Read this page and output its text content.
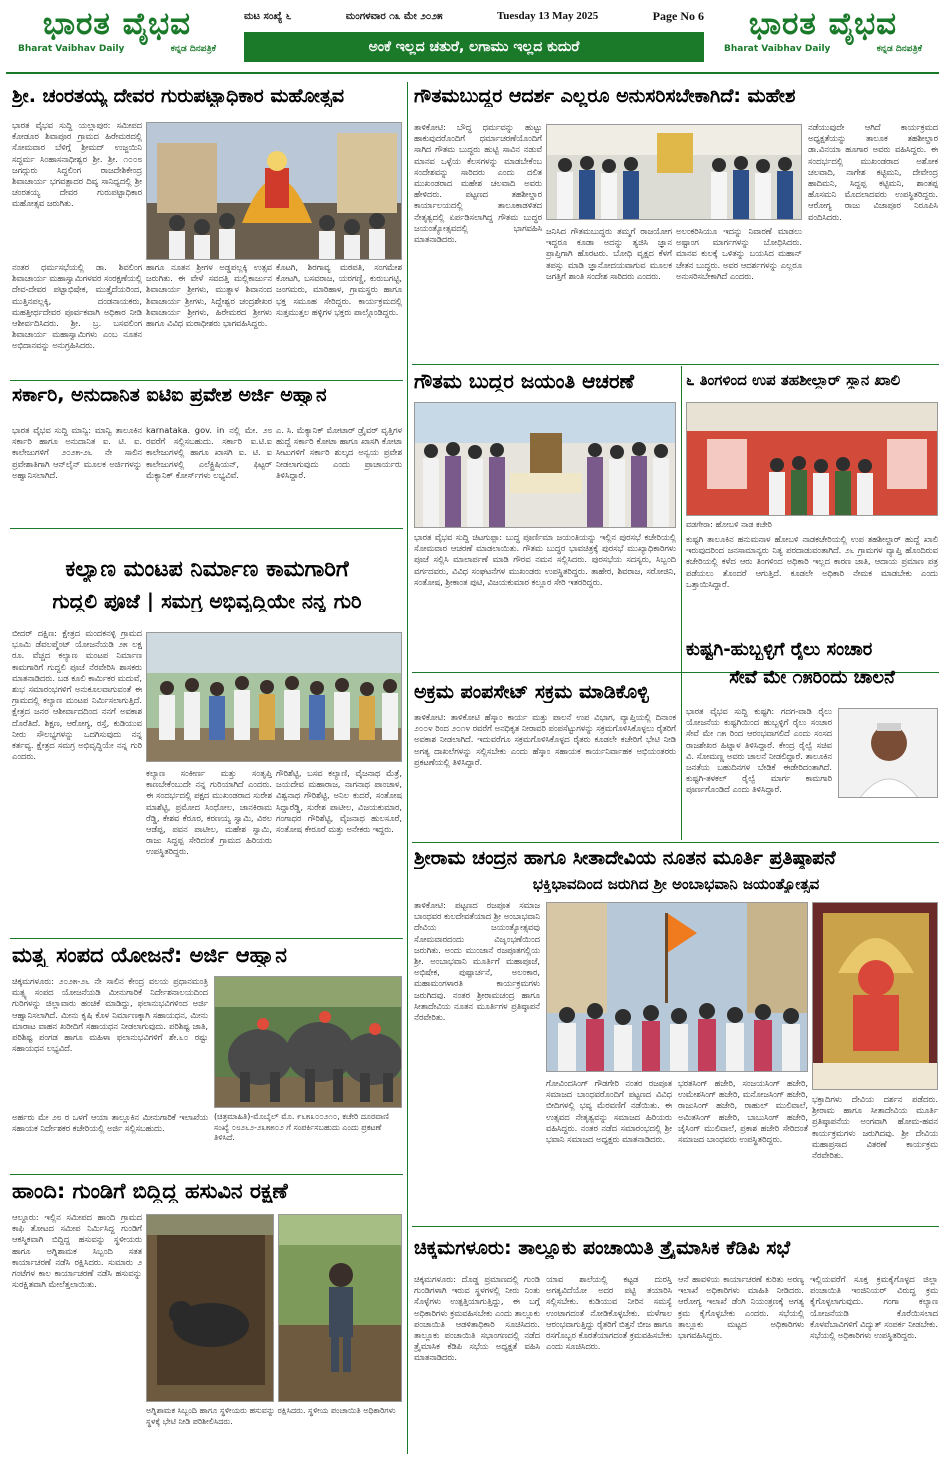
ಭಾರತ ವೈಭವ
Bharat Vaibhav Daily	ಕನ್ನಡ ದಿನಪತ್ರಿಕೆ
ಮಟ ಸಂಖ್ಯೆ ೬	ಮಂಗಳವಾರ ೧೩ ಮೇ ೨೦೨೫	Tuesday 13 May 2025	Page No 6
ಅಂಕೆ ಇಲ್ಲದ ಚತುರೆ, ಲಗಾಮು ಇಲ್ಲದ ಕುದುರೆ
ಭಾರತ ವೈಭವ
Bharat Vaibhav Daily	ಕನ್ನಡ ದಿನಪತ್ರಿಕೆ
ಶ್ರೀ. ಚಂರತಯ್ಯ ದೇವರ ಗುರುಪಟ್ಟಾಧಿಕಾರ ಮಹೋತ್ಸವ
ಭಾರತ ವೈಭವ ಸುದ್ದಿ ಯಲ್ಲಾಪುರ: ಸಮೀಪದ ಕೋಡೂರ ಶಿವಾಪೂರ ಗ್ರಾಮದ ಹಿರೇಮಠದಲ್ಲಿ ಸೋಮವಾರ ಬೆಳಿಗ್ಗೆ ಶ್ರೀಮದ್ ಉಜ್ಜಯಿನಿ ಸದ್ಧರ್ಮ ಸಿಂಹಾಸನಾಧೀಶ್ವರ ಶ್ರೀ. ಶ್ರೀ. ೧೦೦೮ ಜಗದ್ಗುರು ಸಿದ್ದಲಿಂಗ ರಾಜದೇಶಿಕೇಂದ್ರ ಶಿವಾಚಾರ್ಯ ಭಗವತ್ಪಾದರ ದಿವ್ಯ ಸಾನಿಧ್ಯದಲ್ಲಿ ಶ್ರೀ ಚಂರತಯ್ಯ ದೇವರ ಗುರುಪಟ್ಟಾಧಿಕಾರ ಮಹೋತ್ಸವ ಜರುಗಿತು.
ನಂತರ ಧರ್ಮಸಭೆಯಲ್ಲಿ ಡಾ. ಶಿವಲಿಂಗ ಶಿವಾಚಾರ್ಯ ಮಹಾಸ್ವಾಮಿಗಳವರ ಸಂರಕ್ಷಣೆಯಲ್ಲಿ ದೇವ-ದೇವರ ಪಟ್ಟಾಭಿಷೇಕ, ಮುತ್ತೈದೆಯರಿಂದ, ಮುತ್ತಿನಪಲ್ಲಕ್ಕಿ, ದಂಡನಾಯಕರು, ಮಹತ್ತೀರ್ಥದೇವರ ಪೂರ್ವಕವಾಗಿ ಅಧಿಕಾರ ನೀಡಿ ಆಶೀರ್ವದಿಸಿದರು. ಶ್ರೀ. ಬ್ರ. ಬಸವಲಿಂಗ ಶಿವಾಚಾರ್ಯ ಮಹಾಸ್ವಾಮಿಗಳು ಎಂಬ ನೂತನ ಅಭಿದಾನವನ್ನು ಅನುಗ್ರಹಿಸಿದರು.
ಹಾಗೂ ನೂತನ ಶ್ರೀಗಳ ಅಡ್ಡಪಲ್ಲಕ್ಕಿ ಉತ್ಸವ ಜರುಗಿತು. ಈ ವೇಳೆ ಸವದತ್ತಿ ಮಲ್ಲಿಕಾರ್ಜುನ ಶಿವಾಚಾರ್ಯ ಶ್ರೀಗಳು, ಮುತ್ನಾಳ ಶಿವಾನಂದ ಶಿವಾಚಾರ್ಯ ಶ್ರೀಗಳು, ಸಿದ್ದೇಶ್ವರ ಚಂದ್ರಶೇಖರ ಶಿವಾಚಾರ್ಯ ಶ್ರೀಗಳು, ಹಿರೇಮಠದ ಶ್ರೀಗಳು ಹಾಗೂ ವಿವಿಧ ಮಠಾಧೀಶರು ಭಾಗವಹಿಸಿದ್ದರು.
ಕೊಟಗಿ, ಶಿರಗಾವ್ಯ ಮಠಪತಿ, ಸಂಗಮೇಶ ಕೋಟಗಿ, ಬಸವರಾಜ, ಯರಗಣ್ಣಿ, ಕುರುಬಗಟ್ಟಿ, ಜಂಗಮರು, ಮಾರಿಹಾಳ, ಗ್ರಾಮಸ್ಥರು ಹಾಗೂ ಭಕ್ತ ಸಮೂಹ ಸೇರಿದ್ದರು. ಕಾರ್ಯಕ್ರಮದಲ್ಲಿ ಸುತ್ತಮುತ್ತಲ ಹಳ್ಳಿಗಳ ಭಕ್ತರು ಪಾಲ್ಗೊಂಡಿದ್ದರು.
ಸರ್ಕಾರಿ, ಅನುದಾನಿತ ಐಟಿಐ ಪ್ರವೇಶ ಅರ್ಜಿ ಅಹ್ವಾನ
ಭಾರತ ವೈಭವ ಸುದ್ದಿ ಮಾನ್ವಿ: ಮಾನ್ವಿ ತಾಲೂಕಿನ ಸರ್ಕಾರಿ ಹಾಗೂ ಅನುದಾನಿತ ಐ. ಟಿ. ಐ. ಕಾಲೇಜುಗಳಿಗೆ ೨೦೨೫-೨೬ ನೇ ಸಾಲಿನ ಪ್ರವೇಶಾತಿಗಾಗಿ ಆನ್‌ಲೈನ್ ಮೂಲಕ ಅರ್ಜಿಗಳನ್ನು ಅಹ್ವಾನಿಸಲಾಗಿದೆ.
karnataka. gov. in ನಲ್ಲಿ ಮೇ. ೨೮ ರವರೆಗೆ ಸಲ್ಲಿಸಬಹುದು. ಸರ್ಕಾರಿ ಐ.ಟಿ.ಐ ಕಾಲೇಜುಗಳಲ್ಲಿ ಹಾಗೂ ಖಾಸಗಿ ಐ. ಟಿ. ಐ ಕಾಲೇಜುಗಳಲ್ಲಿ ಎಲೆಕ್ಟ್ರಿಷಿಯನ್, ಫಿಟ್ಟರ್ ಮೆಕ್ಯಾನಿಕ್ ಕೋರ್ಸ್‌ಗಳು ಲಭ್ಯವಿವೆ.
ಎ. ಸಿ. ಮೆಕ್ಯಾನಿಕ್ ಮೋಟಾರ್ ಡ್ರೈವರ್ ವೃತ್ತಿಗಳ ಹುದ್ದೆ ಸರ್ಕಾರಿ ಕೋಟಾ ಹಾಗೂ ಖಾಸಗಿ ಕೋಟಾ ಸೀಟುಗಳಿಗೆ ಸರ್ಕಾರಿ ಶುಲ್ಕದ ಅನ್ವಯ ಪ್ರವೇಶ ನೀಡಲಾಗುವುದು ಎಂದು ಪ್ರಾಚಾರ್ಯರು ತಿಳಿಸಿದ್ದಾರೆ.
ಕಲ್ಯಾಣ ಮಂಟಪ ನಿರ್ಮಾಣ ಕಾಮಗಾರಿಗೆ
ಗುದ್ದಲಿ ಪೂಜೆ | ಸಮಗ್ರ ಅಭಿವೃದ್ಧಿಯೇ ನನ್ನ ಗುರಿ
ಬೀದರ್ ದಕ್ಷಿಣ: ಕ್ಷೇತ್ರದ ಮಂದಕನಳ್ಳಿ ಗ್ರಾಮದ ಭೂಮಿ ಡೆವಲಪ್ಮೆಂಟ್ ಯೋಜನೆಯಡಿ ೨೫ ಲಕ್ಷ ರೂ. ವೆಚ್ಚದ ಕಲ್ಯಾಣ ಮಂಟಪ ನಿರ್ಮಾಣ ಕಾಮಗಾರಿಗೆ ಗುದ್ದಲಿ ಪೂಜೆ ನೆರವೇರಿಸಿ ಶಾಸಕರು ಮಾತನಾಡಿದರು. ಬಡ ಕೂಲಿ ಕಾರ್ಮಿಕರ ಮದುವೆ, ಶುಭ ಸಮಾರಂಭಗಳಿಗೆ ಅನುಕೂಲವಾಗುವಂತೆ ಈ ಗ್ರಾಮದಲ್ಲಿ ಕಲ್ಯಾಣ ಮಂಟಪ ನಿರ್ಮಿಸಲಾಗುತ್ತಿದೆ. ಕ್ಷೇತ್ರದ ಜನರ ಆಶೀರ್ವಾದದಿಂದ ನನಗೆ ಅವಕಾಶ ದೊರೆತಿದೆ. ಶಿಕ್ಷಣ, ಆರೋಗ್ಯ, ರಸ್ತೆ, ಕುಡಿಯುವ ನೀರು ಸೌಲಭ್ಯಗಳನ್ನು ಒದಗಿಸುವುದು ನನ್ನ ಕರ್ತವ್ಯ. ಕ್ಷೇತ್ರದ ಸಮಗ್ರ ಅಭಿವೃದ್ಧಿಯೇ ನನ್ನ ಗುರಿ ಎಂದರು.
ಕಲ್ಯಾಣ ಸಂಕೀರ್ಣ ಮತ್ತು ಸಂತೃಪ್ತಿ ಕಾಣಬೇಕೆಂಬುದೇ ನನ್ನ ಗುರಿಯಾಗಿದೆ ಎಂದರು. ಈ ಸಂದರ್ಭದಲ್ಲಿ ಪಕ್ಷದ ಮುಖಂಡರಾದ ಸುರೇಶ ಮಾಶೆಟ್ಟಿ, ಪ್ರಮೋದ ಸಿಂಧೋಲ, ಜಾನಕಿರಾಮ ರೆಡ್ಡಿ, ಕೇಶವ ಕೆರೂರ, ಕರಣಯ್ಯ ಸ್ವಾಮಿ, ವಿಠಲ ಆಡೆಪ್ಪ, ಪವನ ಪಾಟೀಲ, ಮಹೇಶ ಸ್ವಾಮಿ, ರಾಜು ಸಿದ್ದಪ್ಪ ಸೇರಿದಂತೆ ಗ್ರಾಮದ ಹಿರಿಯರು ಉಪಸ್ಥಿತರಿದ್ದರು.
ಗೌರಿಶೆಟ್ಟಿ, ಬಸವ ಕಲ್ಯಾಣಿ, ವೈಜನಾಥ ಮೆತ್ರೆ, ಜಯದೇವ ಮಹಾರಾಜ, ನಾಗನಾಥ ಪಾಂಚಾಳ, ವಿಶ್ವನಾಥ ಗೌರಿಶೆಟ್ಟಿ, ಅನಿಲ ಕುದರೆ, ಸಂತೋಷ ಸಿದ್ದಾರೆಡ್ಡಿ, ಸುರೇಶ ಪಾಟೀಲ, ವಿಜಯಕುಮಾರ, ಗಂಗಾಧರ ಗೌರಿಶೆಟ್ಟಿ, ವೈಜನಾಥ ಹುಲಸೂರೆ, ಸಂತೋಷ ಕೇರೂರೆ ಮತ್ತು ಅನೇಕರು ಇದ್ದರು.
ಮತ್ಸ್ಯ ಸಂಪದ ಯೋಜನೆ: ಅರ್ಜಿ ಆಹ್ವಾನ
ಚಿಕ್ಕಮಗಳೂರು: ೨೦೨೫-೨೬ ನೇ ಸಾಲಿನ ಕೇಂದ್ರ ವಲಯ ಪ್ರಧಾನಮಂತ್ರಿ ಮತ್ಸ್ಯ ಸಂಪದ ಯೋಜನೆಯಡಿ ಮೀನುಗಾರಿಕೆ ನಿರ್ದೇಶನಾಲಯದಿಂದ ಗುರಿಗಳನ್ನು ಜಿಲ್ಲಾವಾರು ಹಂಚಿಕೆ ಮಾಡಿದ್ದು, ಫಲಾನುಭವಿಗಳಿಂದ ಅರ್ಜಿ ಆಹ್ವಾನಿಸಲಾಗಿದೆ. ಮೀನು ಕೃಷಿ ಕೊಳ ನಿರ್ಮಾಣಕ್ಕಾಗಿ ಸಹಾಯಧನ, ಮೀನು ಮಾರಾಟ ವಾಹನ ಖರೀದಿಗೆ ಸಹಾಯಧನ ನೀಡಲಾಗುವುದು. ಪರಿಶಿಷ್ಟ ಜಾತಿ, ಪರಿಶಿಷ್ಟ ಪಂಗಡ ಹಾಗೂ ಮಹಿಳಾ ಫಲಾನುಭವಿಗಳಿಗೆ ಶೇ.೬೦ ರಷ್ಟು ಸಹಾಯಧನ ಲಭ್ಯವಿದೆ.
ಅರ್ಹರು ಮೇ ೨೮ ರ ಒಳಗೆ ಆಯಾ ತಾಲ್ಲೂಕಿನ ಮೀನುಗಾರಿಕೆ ಇಲಾಖೆಯ ಸಹಾಯಕ ನಿರ್ದೇಶಕರ ಕಚೇರಿಯಲ್ಲಿ ಅರ್ಜಿ ಸಲ್ಲಿಸಬಹುದು.
(ಚಿತ್ರಮಾಹಿತಿ)-ಮೊಬೈಲ್ ಮೊ. ೯೬೫೩೦೦೨೧೦, ಕಚೇರಿ ದೂರವಾಣಿ ಸಂಖ್ಯೆ ೦೮೨೬೨-೨೩೫೫೦೨ ಗೆ ಸಂಪರ್ಕಿಸಬಹುದು ಎಂದು ಪ್ರಕಟಣೆ ತಿಳಿಸಿದೆ.
ಹಾಂದಿ: ಗುಂಡಿಗೆ ಬಿದ್ದಿದ್ದ ಹಸುವಿನ ರಕ್ಷಣೆ
ಆಲ್ದೂರು: ಇಲ್ಲಿನ ಸಮೀಪದ ಹಾಂದಿ ಗ್ರಾಮದ ಕಾಫಿ ತೋಟದ ಸಮೀಪ ನಿರ್ಮಿಸಿದ್ದ ಗುಂಡಿಗೆ ಆಕಸ್ಮಿಕವಾಗಿ ಬಿದ್ದಿದ್ದ ಹಸುವನ್ನು ಸ್ಥಳೀಯರು ಹಾಗೂ ಅಗ್ನಿಶಾಮಕ ಸಿಬ್ಬಂದಿ ಸತತ ಕಾರ್ಯಾಚರಣೆ ನಡೆಸಿ ರಕ್ಷಿಸಿದರು. ಸುಮಾರು ೨ ಗಂಟೆಗಳ ಕಾಲ ಕಾರ್ಯಾಚರಣೆ ನಡೆಸಿ ಹಸುವನ್ನು ಸುರಕ್ಷಿತವಾಗಿ ಮೇಲೆತ್ತಲಾಯಿತು.
ಅಗ್ನಿಶಾಮಕ ಸಿಬ್ಬಂದಿ ಹಾಗೂ ಸ್ಥಳೀಯರು ಹಸುವನ್ನು ರಕ್ಷಿಸಿದರು. ಸ್ಥಳೀಯ ಪಂಚಾಯಿತಿ ಅಧಿಕಾರಿಗಳು ಸ್ಥಳಕ್ಕೆ ಭೇಟಿ ನೀಡಿ ಪರಿಶೀಲಿಸಿದರು.
ಗೌತಮಬುದ್ಧರ ಆದರ್ಶ ಎಲ್ಲರೂ ಅನುಸರಿಸಬೇಕಾಗಿದೆ: ಮಹೇಶ
ತಾಳಿಕೋಟಿ: ಬೌದ್ಧ ಧರ್ಮವನ್ನು ಹುಟ್ಟು ಹಾಕುವುದರೊಂದಿಗೆ ಧರ್ಮಾಚರಣೆಯೊಂದಿಗೆ ಸಾಗಿದ ಗೌತಮ ಬುದ್ಧರು ಹುಟ್ಟಿ ಸಾವಿನ ನಡುವೆ ಮಾನವ ಒಳ್ಳೆಯ ಕೆಲಸಗಳನ್ನು ಮಾಡಬೇಕೆಂಬ ಸಂದೇಶವನ್ನು ಸಾರಿದರು ಎಂದು ದಲಿತ ಮುಖಂಡರಾದ ಮಹೇಶ ಚಲವಾದಿ ಅವರು ಹೇಳಿದರು. ಪಟ್ಟಣದ ತಹಶೀಲ್ದಾರ ಕಾರ್ಯಾಲಯದಲ್ಲಿ ತಾಲೂಕಾಡಳಿತದ ನೇತೃತ್ವದಲ್ಲಿ ಏರ್ಪಡಿಸಲಾಗಿದ್ದ ಗೌತಮ ಬುದ್ಧರ ಜಯಂತ್ಯೋತ್ಸವದಲ್ಲಿ ಭಾಗವಹಿಸಿ ಮಾತನಾಡಿದರು.
ಜನಿಸಿದ ಗೌತಮಬುದ್ಧರು ತಮ್ಮಗೆ ರಾಜಯೋಗ ಇದ್ದರೂ ಕೂಡಾ ಅದನ್ನು ತ್ಯಜಿಸಿ ಜ್ಞಾನ ಪ್ರಾಪ್ತಿಗಾಗಿ ಹೊರಟರು. ಬೋಧಿ ವೃಕ್ಷದ ಕೆಳಗೆ ತಪಸ್ಸು ಮಾಡಿ ಜ್ಞಾನೋದಯವಾಗುವ ಮೂಲಕ ಜಗತ್ತಿಗೆ ಶಾಂತಿ ಸಂದೇಶ ಸಾರಿದರು ಎಂದರು.
ಅಲಂಕರಿಸಿಯೂ ಇದನ್ನು ನಿವಾರಣೆ ಮಾಡಲು ಅಷ್ಟಾಂಗ ಮಾರ್ಗಗಳನ್ನು ಬೋಧಿಸಿದರು. ಮಾನವ ಕುಲಕ್ಕೆ ಒಳಿತನ್ನು ಬಯಸಿದ ಮಹಾನ್ ಚೇತನ ಬುದ್ಧರು. ಅವರ ಆದರ್ಶಗಳನ್ನು ಎಲ್ಲರೂ ಅನುಸರಿಸಬೇಕಾಗಿದೆ ಎಂದರು.
ನಡೆಯುವುದೇ ಆಗಿದೆ ಕಾರ್ಯಕ್ರಮದ ಅಧ್ಯಕ್ಷತೆಯನ್ನು ತಾಲೂಕ ತಹಶೀಲ್ದಾರ ಡಾ.ವಿನಯಾ ಹೂಗಾರ ಅವರು ವಹಿಸಿದ್ದರು. ಈ ಸಂದರ್ಭದಲ್ಲಿ ಮುಖಂಡರಾದ ಅಶೋಕ ಚಲವಾದಿ, ನಾಗೇಶ ಕಟ್ಟಿಮನಿ, ದೇವೇಂದ್ರ ಹಾದಿಮನಿ, ಸಿದ್ದಪ್ಪ ಕಟ್ಟಿಮನಿ, ಶಾಂತಪ್ಪ ಹೊಸಮನಿ ಮೊದಲಾದವರು ಉಪಸ್ಥಿತರಿದ್ದರು. ಆರೋಗ್ಯ ರಾಜು ವಿಜಾಪೂರ ನಿರೂಪಿಸಿ ವಂದಿಸಿದರು.
ಗೌತಮ ಬುದ್ಧರ ಜಯಂತಿ ಆಚರಣೆ
ಭಾರತ ವೈಭವ ಸುದ್ದಿ ಚಿಟಗುಪ್ಪಾ: ಬುದ್ಧ ಪೂರ್ಣಿಮಾ ಜಯಂತಿಯನ್ನು ಇಲ್ಲಿನ ಪುರಸಭೆ ಕಚೇರಿಯಲ್ಲಿ ಸೋಮವಾರ ಆಚರಣೆ ಮಾಡಲಾಯಿತು. ಗೌತಮ ಬುದ್ಧರ ಭಾವಚಿತ್ರಕ್ಕೆ ಪುರಸಭೆ ಮುಖ್ಯಾಧಿಕಾರಿಗಳು ಪೂಜೆ ಸಲ್ಲಿಸಿ ಮಾಲಾರ್ಪಣೆ ಮಾಡಿ ಗೌರವ ನಮನ ಸಲ್ಲಿಸಿದರು. ಪುರಸಭೆಯ ಸದಸ್ಯರು, ಸಿಬ್ಬಂದಿ ವರ್ಗದವರು, ವಿವಿಧ ಸಂಘಟನೆಗಳ ಮುಖಂಡರು ಉಪಸ್ಥಿತರಿದ್ದರು. ತಾಹೇರ, ಶಿವರಾಜ, ಸರೋಜಿನಿ, ಸಂತೋಷ, ಶ್ರೀಕಾಂತ ಪುಟಿ, ವಿಜಯಕುಮಾರ ಕಲ್ಲೂರ ಸೇರಿ ಇತರರಿದ್ದರು.
೬ ತಿಂಗಳಿಂದ ಉಪ ತಹಶೀಲ್ದಾರ್ ಸ್ಥಾನ ಖಾಲಿ
ವಡಗೇರಾ: ಹೋಬಳಿ ನಾಡ ಕಚೇರಿ
ಕುಷ್ಟಗಿ ತಾಲೂಕಿನ ಹನುಮನಾಳ ಹೋಬಳಿ ನಾಡಕಚೇರಿಯಲ್ಲಿ ಉಪ ತಹಶೀಲ್ದಾರ್ ಹುದ್ದೆ ಖಾಲಿ ಇರುವುದರಿಂದ ಜನಸಾಮಾನ್ಯರು ನಿತ್ಯ ಪರದಾಡುವಂತಾಗಿದೆ. ೨೬ ಗ್ರಾಮಗಳ ವ್ಯಾಪ್ತಿ ಹೊಂದಿರುವ ಕಚೇರಿಯಲ್ಲಿ ಕಳೆದ ಆರು ತಿಂಗಳಿಂದ ಅಧಿಕಾರಿ ಇಲ್ಲದ ಕಾರಣ ಜಾತಿ, ಆದಾಯ ಪ್ರಮಾಣ ಪತ್ರ ಪಡೆಯಲು ತೊಂದರೆ ಆಗುತ್ತಿದೆ. ಕೂಡಲೇ ಅಧಿಕಾರಿ ನೇಮಕ ಮಾಡಬೇಕು ಎಂದು ಒತ್ತಾಯಿಸಿದ್ದಾರೆ.
ಅಕ್ರಮ ಪಂಪಸೇಟ್ ಸಕ್ರಮ ಮಾಡಿಕೊಳ್ಳಿ
ತಾಳಿಕೋಟಿ: ತಾಳಿಕೋಟಿ ಹೆಸ್ಕಾಂ ಕಾರ್ಯ ಮತ್ತು ಪಾಲನೆ ಉಪ ವಿಭಾಗ, ವ್ಯಾಪ್ತಿಯಲ್ಲಿ ದಿನಾಂಕ ೨೦೦೪ ರಿಂದ ೨೦೧೪ ರವರೆಗೆ ಅನಧಿಕೃತ ನೀರಾವರಿ ಪಂಪಸೆಟ್ಟುಗಳನ್ನು ಸಕ್ರಮಗೊಳಿಸಿಕೊಳ್ಳಲು ರೈತರಿಗೆ ಅವಕಾಶ ನೀಡಲಾಗಿದೆ. ಇದುವರೆಗೂ ಸಕ್ರಮಗೊಳಿಸಿಕೊಳ್ಳದ ರೈತರು ಕೂಡಲೇ ಕಚೇರಿಗೆ ಭೇಟಿ ನೀಡಿ ಅಗತ್ಯ ದಾಖಲೆಗಳನ್ನು ಸಲ್ಲಿಸಬೇಕು ಎಂದು ಹೆಸ್ಕಾಂ ಸಹಾಯಕ ಕಾರ್ಯನಿರ್ವಾಹಕ ಅಭಿಯಂತರರು ಪ್ರಕಟಣೆಯಲ್ಲಿ ತಿಳಿಸಿದ್ದಾರೆ.
ಕುಷ್ಟಗಿ-ಹುಬ್ಬಳ್ಳಿಗೆ ರೈಲು ಸಂಚಾರ
ಸೇವೆ ಮೇ ೧೫ರಿಂದು ಚಾಲನೆ
ಭಾರತ ವೈಭವ ಸುದ್ದಿ ಕುಷ್ಟಗಿ: ಗದಗ-ವಾಡಿ ರೈಲು ಯೋಜನೆಯ ಕುಷ್ಟಗಿಯಿಂದ ಹುಬ್ಬಳ್ಳಿಗೆ ರೈಲು ಸಂಚಾರ ಸೇವೆ ಮೇ ೧೫ ರಿಂದ ಆರಂಭವಾಗಲಿದೆ ಎಂದು ಸಂಸದ ರಾಜಶೇಖರ ಹಿಟ್ನಾಳ ತಿಳಿಸಿದ್ದಾರೆ. ಕೇಂದ್ರ ರೈಲ್ವೆ ಸಚಿವ ವಿ. ಸೋಮಣ್ಣ ಅವರು ಚಾಲನೆ ನೀಡಲಿದ್ದಾರೆ. ತಾಲೂಕಿನ ಜನತೆಯ ಬಹುದಿನಗಳ ಬೇಡಿಕೆ ಈಡೇರಿದಂತಾಗಿದೆ. ಕುಷ್ಟಗಿ-ತಳಕಲ್ ರೈಲ್ವೆ ಮಾರ್ಗ ಕಾಮಗಾರಿ ಪೂರ್ಣಗೊಂಡಿದೆ ಎಂದು ತಿಳಿಸಿದ್ದಾರೆ.
ಶ್ರೀರಾಮ ಚಂದ್ರನ ಹಾಗೂ ಸೀತಾದೇವಿಯ ನೂತನ ಮೂರ್ತಿ ಪ್ರತಿಷ್ಠಾಪನೆ
ಭಕ್ತಿಭಾವದಿಂದ ಜರುಗಿದ ಶ್ರೀ ಅಂಬಾಭವಾನಿ ಜಯಂತ್ಯೋತ್ಸವ
ತಾಳಿಕೋಟಿ: ಪಟ್ಟಣದ ರಜಪೂತ ಸಮಾಜ ಬಾಂಧವರ ಕುಲದೇವತೆಯಾದ ಶ್ರೀ ಅಂಬಾಭವಾನಿ ದೇವಿಯ ಜಯಂತ್ಯೋತ್ಸವವು ಸೋಮವಾರದಂದು ವಿಜೃಂಭಣೆಯಿಂದ ಜರುಗಿತು. ಅಂದು ಮುಂಜಾನೆ ರಜಪೂತಗಲ್ಲಿಯ ಶ್ರೀ. ಅಂಬಾಭವಾನಿ ಮೂರ್ತಿಗೆ ಮಹಾಪೂಜೆ, ಅಭಿಷೇಕ, ಪುಷ್ಪಾರ್ಚನೆ, ಅಲಂಕಾರ, ಮಹಾಮಂಗಳಾರತಿ ಕಾರ್ಯಕ್ರಮಗಳು ಜರುಗಿದವು. ನಂತರ ಶ್ರೀರಾಮಚಂದ್ರ ಹಾಗೂ ಸೀತಾದೇವಿಯ ನೂತನ ಮೂರ್ತಿಗಳ ಪ್ರತಿಷ್ಠಾಪನೆ ನೆರವೇರಿತು.
ಗೋವಿಂದಸಿಂಗ್ ಗೌಡಗೇರಿ ನಂತರ ರಜಪೂತ ಸಮಾಜದ ಬಾಂಧವರೊಂದಿಗೆ ಪಟ್ಟಣದ ವಿವಿಧ ಬೀದಿಗಳಲ್ಲಿ ಭವ್ಯ ಮೆರವಣಿಗೆ ನಡೆಯಿತು. ಈ ಉತ್ಸವದ ನೇತೃತ್ವವನ್ನು ಸಮಾಜದ ಹಿರಿಯರು ವಹಿಸಿದ್ದರು. ನಂತರ ನಡೆದ ಸಮಾರಂಭದಲ್ಲಿ ಶ್ರೀ ಭವಾನಿ ಸಮಾಜದ ಅಧ್ಯಕ್ಷರು ಮಾತನಾಡಿದರು.
ಭರತಸಿಂಗ್ ಹಜೇರಿ, ಸಂಜಯಸಿಂಗ್ ಹಜೇರಿ, ಉಮೇಶಸಿಂಗ್ ಹಜೇರಿ, ಮನೋಜಸಿಂಗ್ ಹಜೇರಿ, ರಾಜುಸಿಂಗ್ ಹಜೇರಿ, ರಾಹುಲ್ ಮುಲಿವಾಲೆ, ಅಮಿತಸಿಂಗ್ ಹಜೇರಿ, ಬಾಬುಸಿಂಗ್ ಹಜೇರಿ, ಜೈಸಿಂಗ್ ಮುಲಿವಾಲೆ, ಪ್ರಕಾಶ ಹಜೇರಿ ಸೇರಿದಂತೆ ಸಮಾಜದ ಬಾಂಧವರು ಉಪಸ್ಥಿತರಿದ್ದರು.
ಭಕ್ತಾದಿಗಳು ದೇವಿಯ ದರ್ಶನ ಪಡೆದರು. ಶ್ರೀರಾಮ ಹಾಗೂ ಸೀತಾದೇವಿಯ ಮೂರ್ತಿ ಪ್ರತಿಷ್ಠಾಪನೆಯ ಅಂಗವಾಗಿ ಹೋಮ-ಹವನ ಕಾರ್ಯಕ್ರಮಗಳು ಜರುಗಿದವು. ಶ್ರೀ ದೇವಿಯ ಮಹಾಪ್ರಸಾದ ವಿತರಣೆ ಕಾರ್ಯಕ್ರಮ ನೆರವೇರಿತು.
ಚಿಕ್ಕಮಗಳೂರು: ತಾಲ್ಲೂಕು ಪಂಚಾಯಿತಿ ತ್ರೈಮಾಸಿಕ ಕೆಡಿಪಿ ಸಭೆ
ಚಿಕ್ಕಮಗಳೂರು: ದೊಡ್ಡ ಪ್ರಮಾಣದಲ್ಲಿ ಗುಂಡಿ ಗುಂಡಿಗಳಾಗಿ ಇರುವ ಸ್ಥಳಗಳಲ್ಲಿ ನೀರು ನಿಂತು ಸೊಳ್ಳೆಗಳು ಉತ್ಪತ್ತಿಯಾಗುತ್ತಿದ್ದು, ಈ ಬಗ್ಗೆ ಅಧಿಕಾರಿಗಳು ಕ್ರಮವಹಿಸಬೇಕು ಎಂದು ತಾಲ್ಲೂಕು ಪಂಚಾಯಿತಿ ಆಡಳಿತಾಧಿಕಾರಿ ಸೂಚಿಸಿದರು. ತಾಲ್ಲೂಕು ಪಂಚಾಯಿತಿ ಸಭಾಂಗಣದಲ್ಲಿ ನಡೆದ ತ್ರೈಮಾಸಿಕ ಕೆಡಿಪಿ ಸಭೆಯ ಅಧ್ಯಕ್ಷತೆ ವಹಿಸಿ ಮಾತನಾಡಿದರು.
ಯಾವ ಶಾಲೆಯಲ್ಲಿ ಕಟ್ಟಡ ದುರಸ್ತಿ ಅಗತ್ಯವಿದೆಯೋ ಅದರ ಪಟ್ಟಿ ತಯಾರಿಸಿ ಸಲ್ಲಿಸಬೇಕು. ಕುಡಿಯುವ ನೀರಿನ ಸಮಸ್ಯೆ ಉಂಟಾಗದಂತೆ ನೋಡಿಕೊಳ್ಳಬೇಕು. ಮಳೆಗಾಲ ಆರಂಭವಾಗುತ್ತಿದ್ದು ರೈತರಿಗೆ ಬಿತ್ತನೆ ಬೀಜ ಹಾಗೂ ರಸಗೊಬ್ಬರ ಕೊರತೆಯಾಗದಂತೆ ಕ್ರಮವಹಿಸಬೇಕು ಎಂದು ಸೂಚಿಸಿದರು.
ಆನೆ ಹಾವಳಿಯ ಕಾರ್ಯಾಚರಣೆ ಕುರಿತು ಅರಣ್ಯ ಇಲಾಖೆ ಅಧಿಕಾರಿಗಳು ಮಾಹಿತಿ ನೀಡಿದರು. ಆರೋಗ್ಯ ಇಲಾಖೆ ಡೆಂಗಿ ನಿಯಂತ್ರಣಕ್ಕೆ ಅಗತ್ಯ ಕ್ರಮ ಕೈಗೊಳ್ಳಬೇಕು ಎಂದರು. ಸಭೆಯಲ್ಲಿ ತಾಲ್ಲೂಕು ಮಟ್ಟದ ಅಧಿಕಾರಿಗಳು ಭಾಗವಹಿಸಿದ್ದರು.
ಇಲ್ಲಿಯವರೆಗೆ ಸೂಕ್ತ ಕ್ರಮಕೈಗೊಳ್ಳದ ಜಿಲ್ಲಾ ಪಂಚಾಯಿತಿ ಇಂಜಿನಿಯರ್ ವಿರುದ್ಧ ಕ್ರಮ ಕೈಗೊಳ್ಳಲಾಗುವುದು. ಗಂಗಾ ಕಲ್ಯಾಣ ಯೋಜನೆಯಡಿ ಕೊರೆಯಿಸಲಾದ ಕೊಳವೆಬಾವಿಗಳಿಗೆ ವಿದ್ಯುತ್ ಸಂಪರ್ಕ ನೀಡಬೇಕು. ಸಭೆಯಲ್ಲಿ ಅಧಿಕಾರಿಗಳು ಉಪಸ್ಥಿತರಿದ್ದರು.
